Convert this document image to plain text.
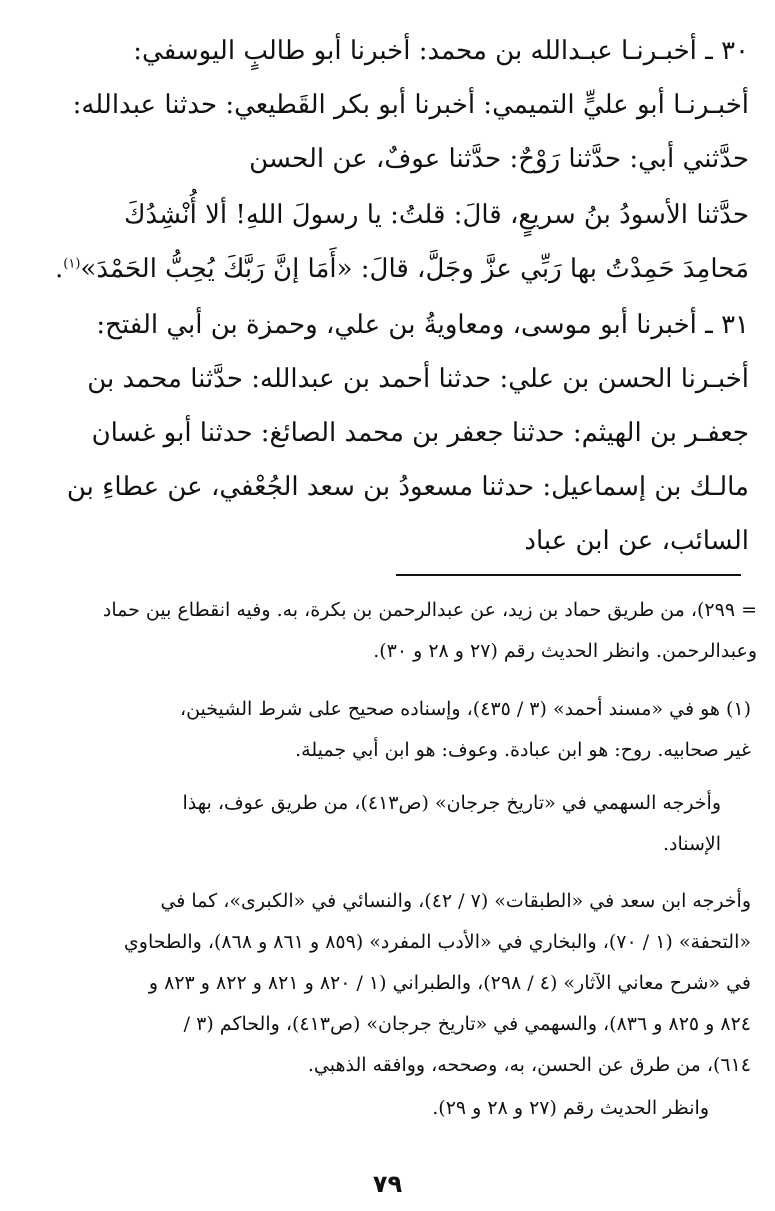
٣٠ ـ أخبـرنـا عبـدالله بن محمد: أخبرنا أبو طالبٍ اليوسفي:
أخبـرنـا أبو عليٍّ التميمي: أخبرنا أبو بكر القَطيعي: حدثنا عبدالله:
حدَّثني أبي: حدَّثنا رَوْحٌ: حدَّثنا عوفٌ، عن الحسن

حدَّثنا الأسودُ بنُ سريعٍ، قالَ: قلتُ: يا رسولَ اللهِ! ألا أُنْشِدُكَ
مَحامِدَ حَمِدْتُ بها رَبِّي عزَّ وجَلَّ، قالَ: «أَمَا إنَّ رَبَّكَ يُحِبُّ الحَمْدَ»$^{(١)}$.

٣١ ـ أخبرنا أبو موسى، ومعاويةُ بن علي، وحمزة بن أبي الفتح:
أخبـرنا الحسن بن علي: حدثنا أحمد بن عبدالله: حدَّثنا محمد بن
جعفـر بن الهيثم: حدثنا جعفر بن محمد الصائغ: حدثنا أبو غسان
مالـك بن إسماعيل: حدثنا مسعودُ بن سعد الجُعْفي، عن عطاءِ بن
السائب، عن ابن عباد

= ٢٩٩)، من طريق حماد بن زيد، عن عبدالرحمن بن بكرة، به. وفيه انقطاع بين حماد
وعبدالرحمن. وانظر الحديث رقم (٢٧ و ٢٨ و ٣٠).

(١) هو في «مسند أحمد» (٣ / ٤٣٥)، وإسناده صحيح على شرط الشيخين،
غير صحابيه. روح: هو ابن عبادة. وعوف: هو ابن أبي جميلة.

وأخرجه السهمي في «تاريخ جرجان» (ص٤١٣)، من طريق عوف، بهذا
الإسناد.

وأخرجه ابن سعد في «الطبقات» (٧ / ٤٢)، والنسائي في «الكبرى»، كما في
«التحفة» (١ / ٧٠)، والبخاري في «الأدب المفرد» (٨٥٩ و ٨٦١ و ٨٦٨)، والطحاوي
في «شرح معاني الآثار» (٤ / ٢٩٨)، والطبراني (١ / ٨٢٠ و ٨٢١ و ٨٢٢ و ٨٢٣ و
٨٢٤ و ٨٢٥ و ٨٣٦)، والسهمي في «تاريخ جرجان» (ص٤١٣)، والحاكم (٣ /
٦١٤)، من طرق عن الحسن، به، وصححه، ووافقه الذهبي.

وانظر الحديث رقم (٢٧ و ٢٨ و ٢٩).

٧٩
